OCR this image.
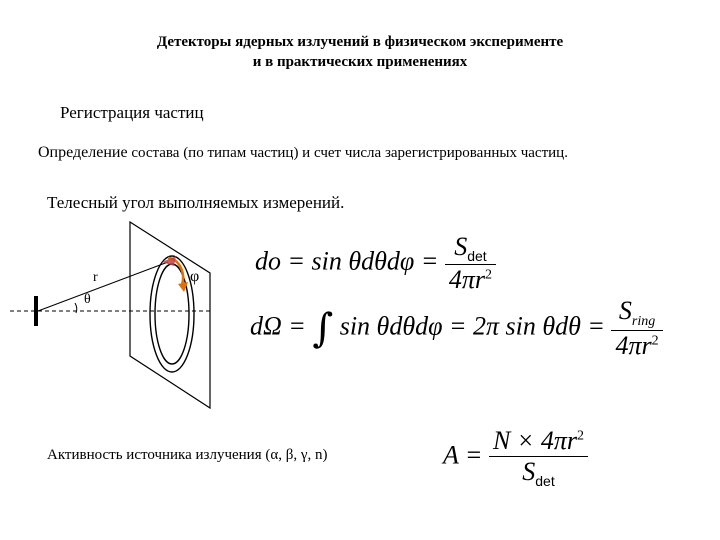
Детекторы ядерных излучений в физическом эксперименте
и в практических применениях
Регистрация частиц
Определение состава (по типам частиц) и счет числа зарегистрированных частиц.
Телесный угол выполняемых измерений.
r
θ
φ
do = $\sin \theta d\theta d\varphi = \frac{S_{det}}{4\pi r^2}$
dΩ = ∫ sin θdθdφ = 2π $\sin \theta d\theta = \frac{S_{ring}}{4\pi r^2}$
Активность источника излучения (α, β, γ, n)	$A = \frac{N \times 4\pi r^2}{S_{det}}$
